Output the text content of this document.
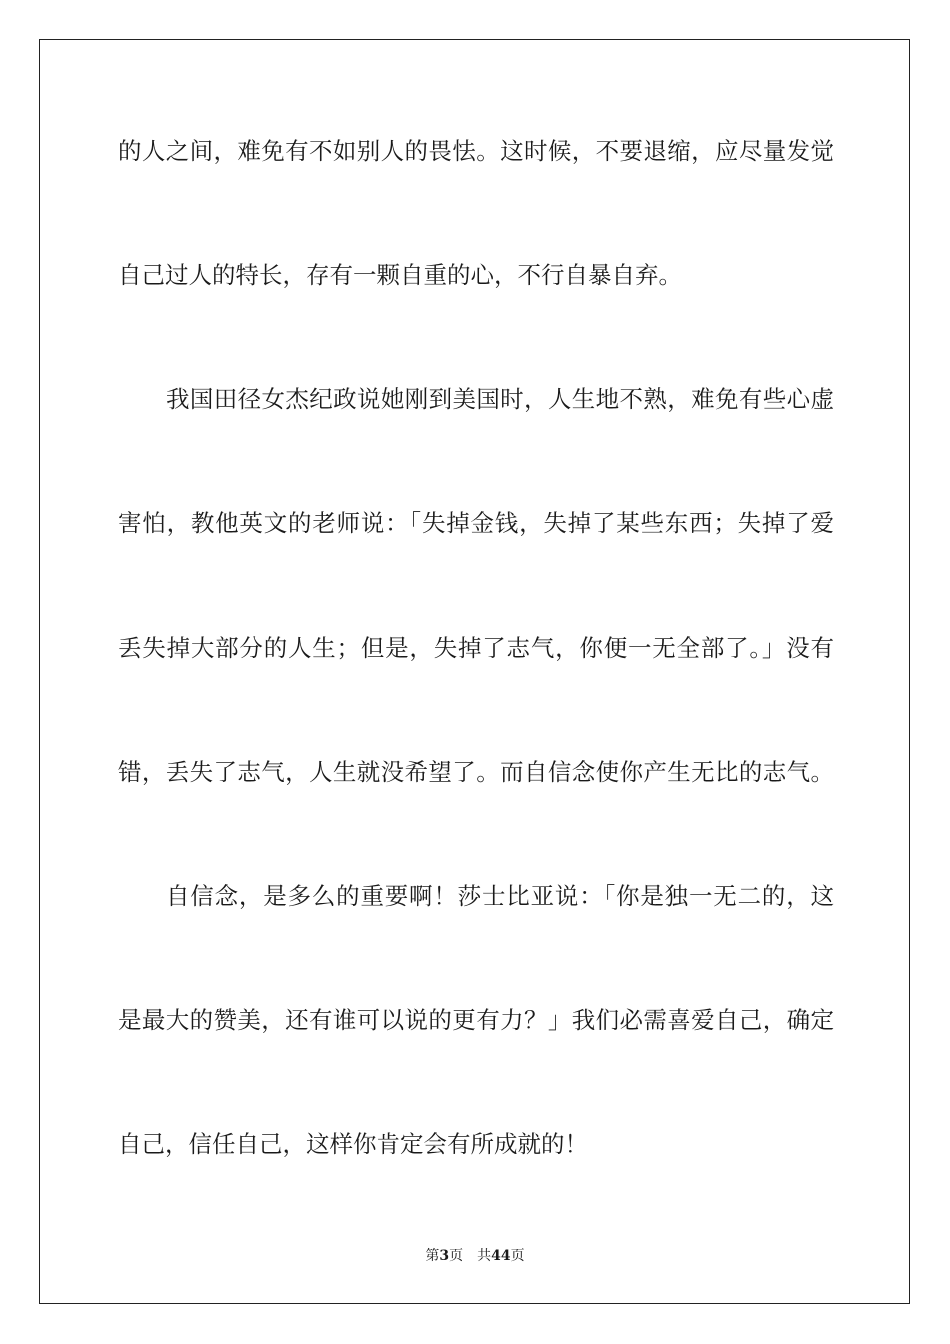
的人之间，难免有不如别人的畏怯。这时候，不要退缩，应尽量发觉
自己过人的特长，存有一颗自重的心，不行自暴自弃。
我国田径女杰纪政说她刚到美国时，人生地不熟，难免有些心虚
害怕，教他英文的老师说：「失掉金钱，失掉了某些东西；失掉了爱
丢失掉大部分的人生；但是，失掉了志气，你便一无全部了。」没有
错，丢失了志气，人生就没希望了。而自信念使你产生无比的志气。
自信念，是多么的重要啊！莎士比亚说：「你是独一无二的，这
是最大的赞美，还有谁可以说的更有力？」我们必需喜爱自己，确定
自己，信任自己，这样你肯定会有所成就的！
第3页 共44页
